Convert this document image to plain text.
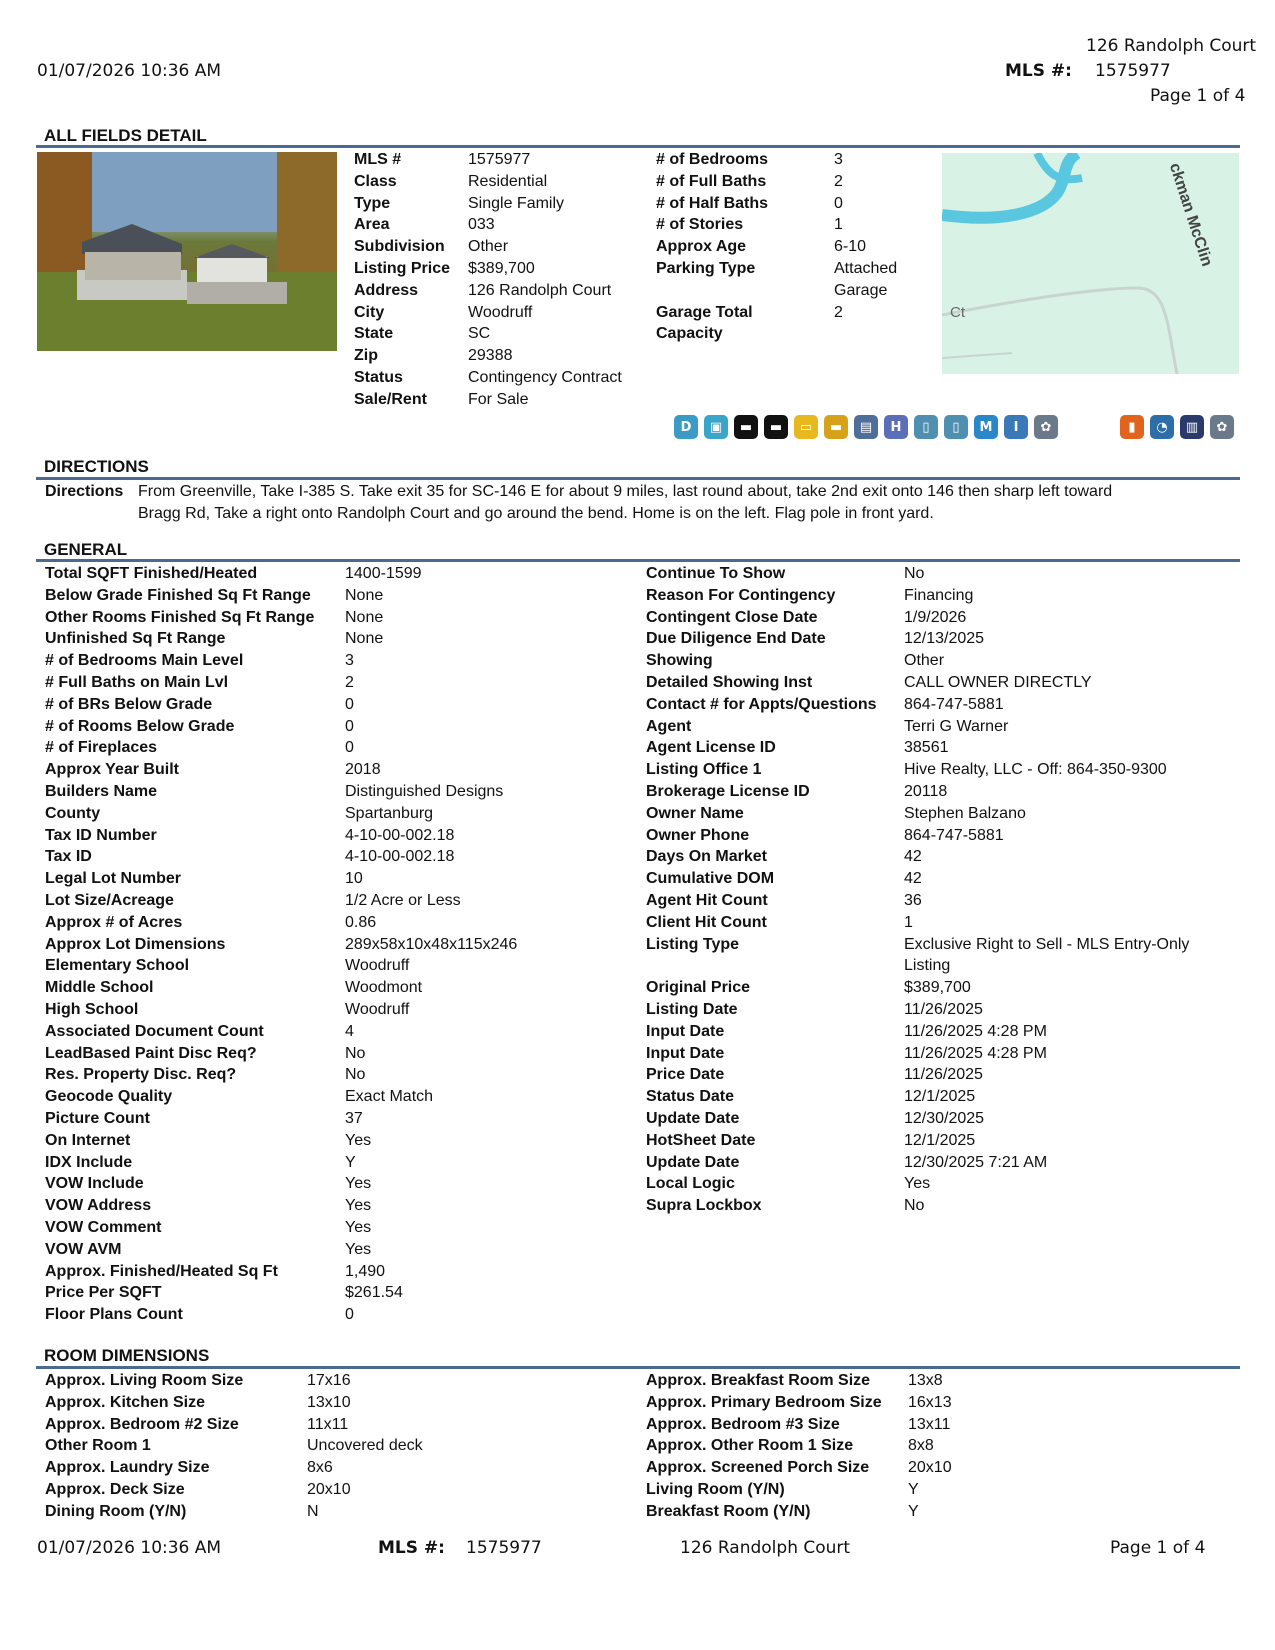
126 Randolph Court
01/07/2026 10:36 AM	MLS #: 1575977
Page 1 of 4
ALL FIELDS DETAIL
MLS #	1575977
Class	Residential
Type	Single Family
Area	033
Subdivision Other
Listing Price $389,700
Address	126 Randolph Court
City	Woodruff
State	SC
Zip	29388
Status	Contingency Contract
Sale/Rent	For Sale
# of Bedrooms	3
# of Full Baths	2
# of Half Baths	0
# of Stories	1
Approx Age	6-10
Parking Type	Attached
Garage
Garage Total	2
Capacity
ckman McClin
Ct
D	▣	▬	▬	▭	▬	▤	H	▯	▯	M	I	✿	▮	◔	▥	✿
DIRECTIONS
Directions From Greenville, Take I-385 S. Take exit 35 for SC-146 E for about 9 miles, last round about, take 2nd exit onto 146 then sharp left toward
Bragg Rd, Take a right onto Randolph Court and go around the bend. Home is on the left. Flag pole in front yard.
GENERAL
Total SQFT Finished/Heated	1400-1599
Below Grade Finished Sq Ft Range None
Other Rooms Finished Sq Ft Range None
Unfinished Sq Ft Range	None
# of Bedrooms Main Level	3
# Full Baths on Main Lvl	2
# of BRs Below Grade	0
# of Rooms Below Grade	0
# of Fireplaces	0
Approx Year Built	2018
Builders Name	Distinguished Designs
County	Spartanburg
Tax ID Number	4-10-00-002.18
Tax ID	4-10-00-002.18
Legal Lot Number	10
Lot Size/Acreage	1/2 Acre or Less
Approx # of Acres	0.86
Approx Lot Dimensions	289x58x10x48x115x246
Elementary School	Woodruff
Middle School	Woodmont
High School	Woodruff
Associated Document Count	4
LeadBased Paint Disc Req?	No
Res. Property Disc. Req?	No
Geocode Quality	Exact Match
Picture Count	37
On Internet	Yes
IDX Include	Y
VOW Include	Yes
VOW Address	Yes
VOW Comment	Yes
VOW AVM	Yes
Approx. Finished/Heated Sq Ft	1,490
Price Per SQFT	$261.54
Floor Plans Count	0
Continue To Show	No
Reason For Contingency	Financing
Contingent Close Date	1/9/2026
Due Diligence End Date	12/13/2025
Showing	Other
Detailed Showing Inst	CALL OWNER DIRECTLY
Contact # for Appts/Questions 864-747-5881
Agent	Terri G Warner
Agent License ID	38561
Listing Office 1	Hive Realty, LLC - Off: 864-350-9300
Brokerage License ID	20118
Owner Name	Stephen Balzano
Owner Phone	864-747-5881
Days On Market	42
Cumulative DOM	42
Agent Hit Count	36
Client Hit Count	1
Listing Type	Exclusive Right to Sell - MLS Entry-Only
Listing
Original Price	$389,700
Listing Date	11/26/2025
Input Date	11/26/2025 4:28 PM
Input Date	11/26/2025 4:28 PM
Price Date	11/26/2025
Status Date	12/1/2025
Update Date	12/30/2025
HotSheet Date	12/1/2025
Update Date	12/30/2025 7:21 AM
Local Logic	Yes
Supra Lockbox	No
ROOM DIMENSIONS
Approx. Living Room Size	17x16
Approx. Kitchen Size	13x10
Approx. Bedroom #2 Size	11x11
Other Room 1	Uncovered deck
Approx. Laundry Size	8x6
Approx. Deck Size	20x10
Dining Room (Y/N)	N
Approx. Breakfast Room Size 13x8
Approx. Primary Bedroom Size 16x13
Approx. Bedroom #3 Size	13x11
Approx. Other Room 1 Size	8x8
Approx. Screened Porch Size 20x10
Living Room (Y/N)	Y
Breakfast Room (Y/N)	Y
01/07/2026 10:36 AM	MLS #: 1575977	126 Randolph Court	Page 1 of 4
